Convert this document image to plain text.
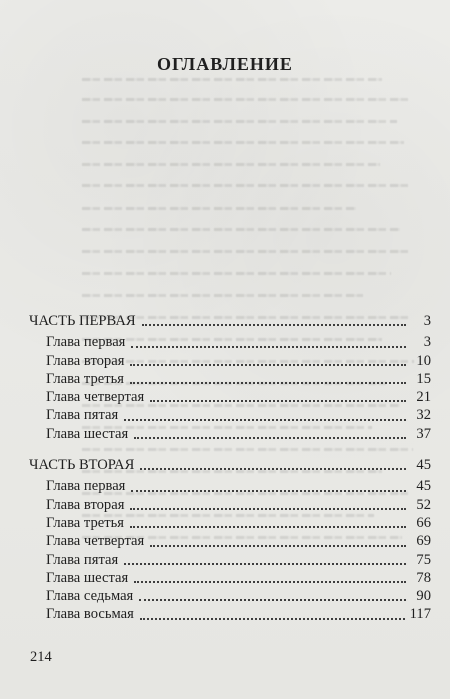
ОГЛАВЛЕНИЕ
ЧАСТЬ ПЕРВАЯ	3
Глава первая	3
Глава вторая	10
Глава третья	15
Глава четвертая	21
Глава пятая	32
Глава шестая	37
ЧАСТЬ ВТОРАЯ	45
Глава первая	45
Глава вторая	52
Глава третья	66
Глава четвертая	69
Глава пятая	75
Глава шестая	78
Глава седьмая	90
Глава восьмая	117
214
